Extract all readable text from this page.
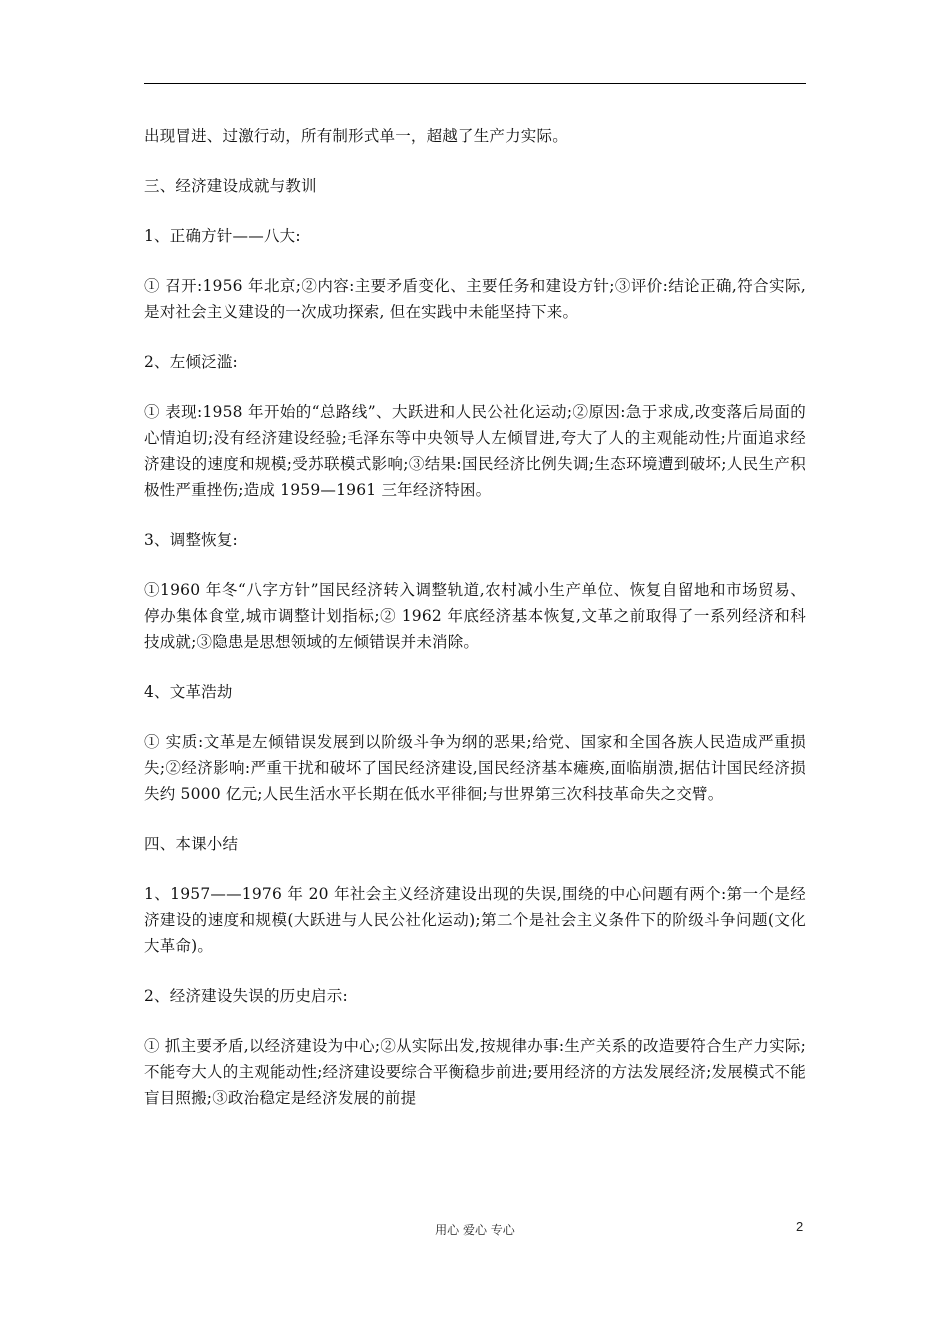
出现冒进、过激行动，所有制形式单一，超越了生产力实际。

三、经济建设成就与教训

1、正确方针——八大:

① 召开:1956 年北京;②内容:主要矛盾变化、主要任务和建设方针;③评价:结论正确,符合实际, 是对社会主义建设的一次成功探索, 但在实践中未能坚持下来。

2、左倾泛滥:

① 表现:1958 年开始的“总路线”、大跃进和人民公社化运动;②原因:急于求成,改变落后局面的心情迫切;没有经济建设经验;毛泽东等中央领导人左倾冒进,夸大了人的主观能动性;片面追求经济建设的速度和规模;受苏联模式影响;③结果:国民经济比例失调;生态环境遭到破坏;人民生产积极性严重挫伤;造成 1959—1961 三年经济特困。

3、调整恢复:

①1960 年冬“八字方针”国民经济转入调整轨道,农村减小生产单位、恢复自留地和市场贸易、停办集体食堂,城市调整计划指标;② 1962 年底经济基本恢复,文革之前取得了一系列经济和科技成就;③隐患是思想领域的左倾错误并未消除。

4、文革浩劫

① 实质:文革是左倾错误发展到以阶级斗争为纲的恶果;给党、国家和全国各族人民造成严重损失;②经济影响:严重干扰和破坏了国民经济建设,国民经济基本瘫痪,面临崩溃,据估计国民经济损失约 5000 亿元;人民生活水平长期在低水平徘徊;与世界第三次科技革命失之交臂。

四、本课小结

1、1957——1976 年 20 年社会主义经济建设出现的失误,围绕的中心问题有两个:第一个是经济建设的速度和规模(大跃进与人民公社化运动);第二个是社会主义条件下的阶级斗争问题(文化大革命)。

2、经济建设失误的历史启示:

① 抓主要矛盾,以经济建设为中心;②从实际出发,按规律办事:生产关系的改造要符合生产力实际;不能夸大人的主观能动性;经济建设要综合平衡稳步前进;要用经济的方法发展经济;发展模式不能盲目照搬;③政治稳定是经济发展的前提

用心 爱心 专心	2
